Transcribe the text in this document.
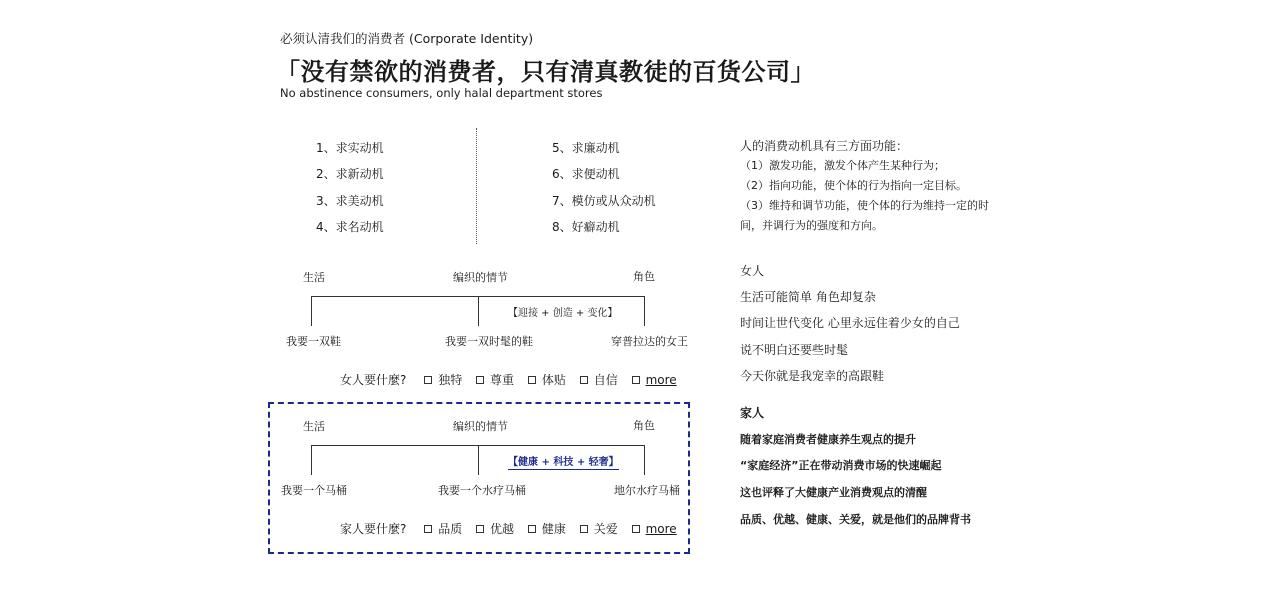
必须认清我们的消费者 (Corporate Identity)
「没有禁欲的消费者，只有清真教徒的百货公司」
No abstinence consumers, only halal department stores
1、求实动机
2、求新动机
3、求美动机
4、求名动机
5、求廉动机
6、求便动机
7、模仿或从众动机
8、好癖动机
生活	编织的情节	角色
【迎接 + 创造 + 变化】
我要一双鞋	我要一双时髦的鞋	穿普拉达的女王
女人要什麼?	独特 尊重 体贴 自信 more
生活	编织的情节	角色
【健康 + 科技 + 轻奢】
我要一个马桶	我要一个水疗马桶	地尔水疗马桶
家人要什麼?	品质 优越 健康 关爱 more
人的消费动机具有三方面功能：
（1）激发功能，激发个体产生某种行为；
（2）指向功能，使个体的行为指向一定目标。
（3）维持和调节功能，使个体的行为维持一定的时
间，并调行为的强度和方向。
女人
生活可能简单 角色却复杂
时间让世代变化 心里永远住着少女的自己
说不明白还要些时髦
今天你就是我宠幸的高跟鞋
家人
随着家庭消费者健康养生观点的提升
“家庭经济”正在带动消费市场的快速崛起
这也评释了大健康产业消费观点的清醒
品质、优越、健康、关爱，就是他们的品牌背书
